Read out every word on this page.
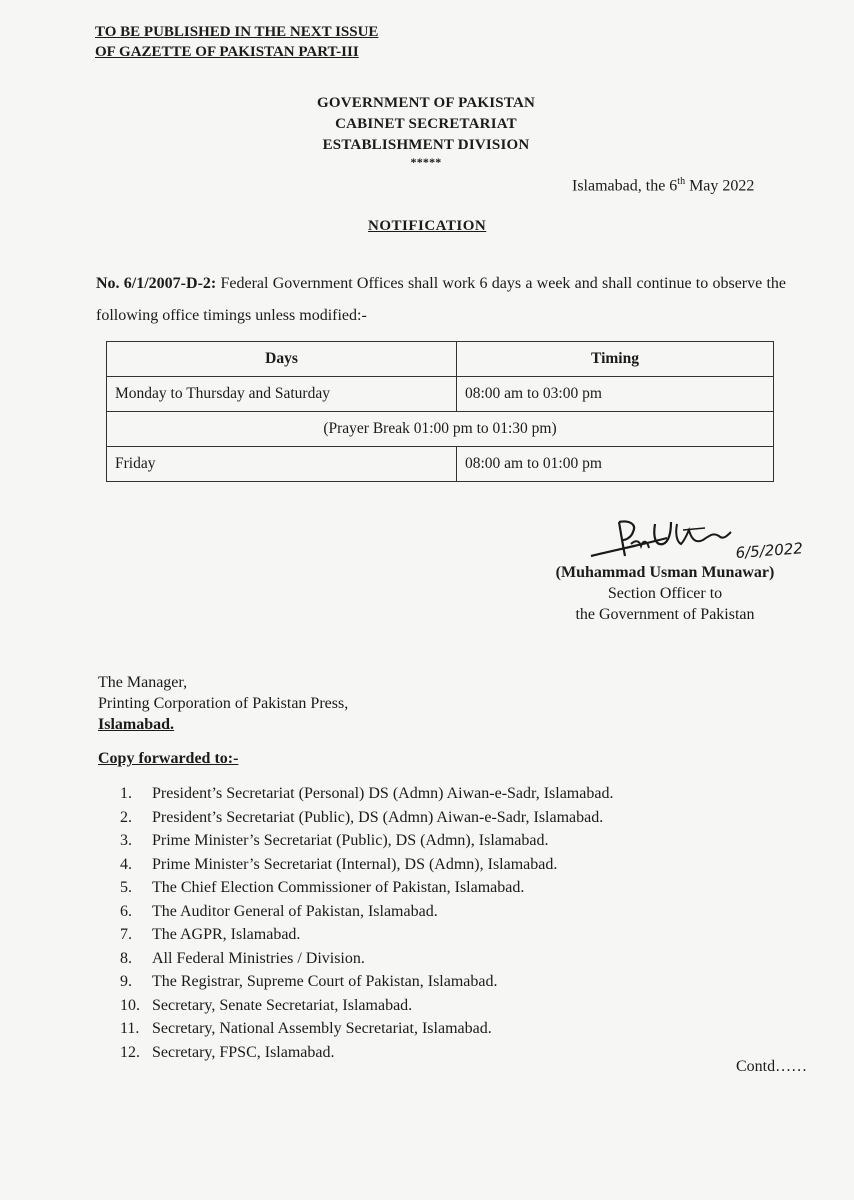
TO BE PUBLISHED IN THE NEXT ISSUE
OF GAZETTE OF PAKISTAN PART-III
GOVERNMENT OF PAKISTAN
CABINET SECRETARIAT
ESTABLISHMENT DIVISION
*****
Islamabad, the 6th May 2022
NOTIFICATION
No. 6/1/2007-D-2: Federal Government Offices shall work 6 days a week and shall continue to observe the following office timings unless modified:-
Days	Timing
Monday to Thursday and Saturday	08:00 am to 03:00 pm
(Prayer Break 01:00 pm to 01:30 pm)	
Friday	08:00 am to 01:00 pm
6/5/2022
(Muhammad Usman Munawar)
Section Officer to
the Government of Pakistan
The Manager,
Printing Corporation of Pakistan Press,
Islamabad.
Copy forwarded to:-
1. President’s Secretariat (Personal) DS (Admn) Aiwan-e-Sadr, Islamabad.
2. President’s Secretariat (Public), DS (Admn) Aiwan-e-Sadr, Islamabad.
3. Prime Minister’s Secretariat (Public), DS (Admn), Islamabad.
4. Prime Minister’s Secretariat (Internal), DS (Admn), Islamabad.
5. The Chief Election Commissioner of Pakistan, Islamabad.
6. The Auditor General of Pakistan, Islamabad.
7. The AGPR, Islamabad.
8. All Federal Ministries / Division.
9. The Registrar, Supreme Court of Pakistan, Islamabad.
10. Secretary, Senate Secretariat, Islamabad.
11. Secretary, National Assembly Secretariat, Islamabad.
12. Secretary, FPSC, Islamabad.
Contd……
